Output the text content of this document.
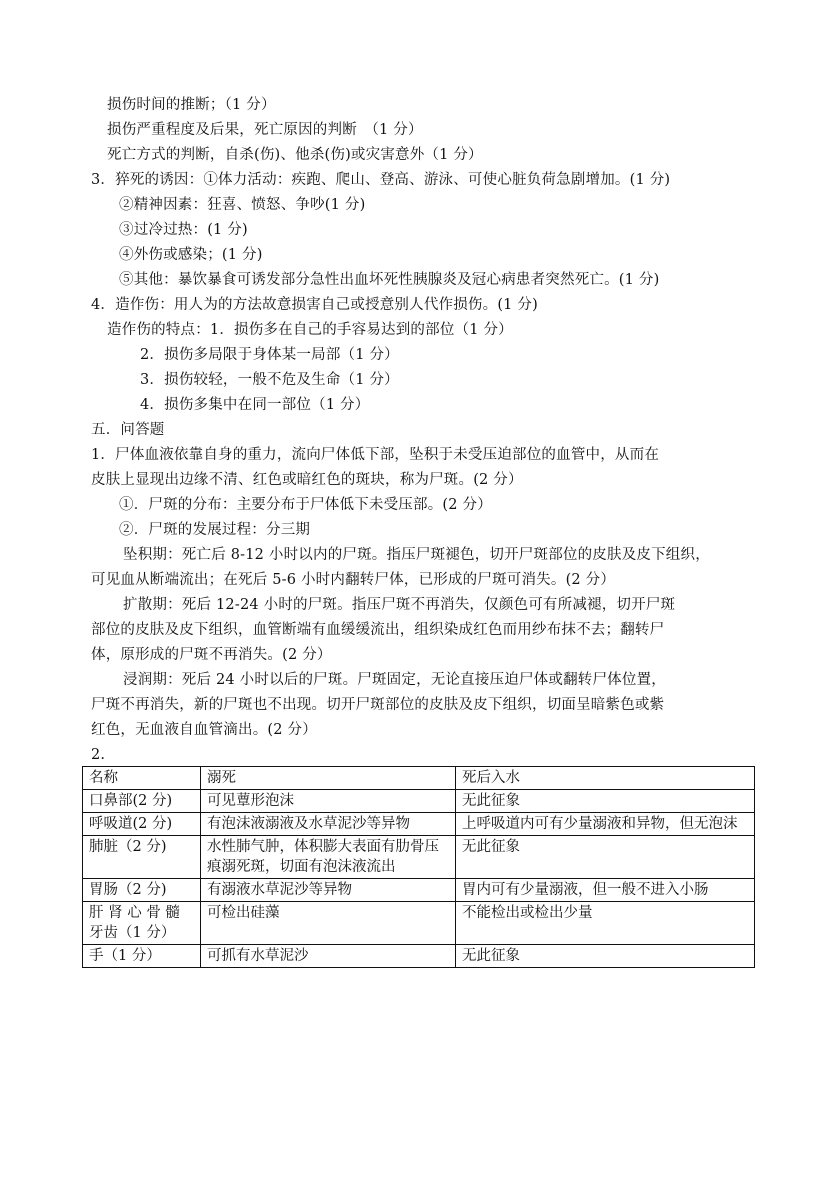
损伤时间的推断；（1 分）
损伤严重程度及后果，死亡原因的判断　（1 分）
死亡方式的判断，自杀(伤)、他杀(伤)或灾害意外（1 分）
3．猝死的诱因：①体力活动：疾跑、爬山、登高、游泳、可使心脏负荷急剧增加。(1 分)
②精神因素：狂喜、愤怒、争吵(1 分)
③过冷过热：(1 分)
④外伤或感染；(1 分)
⑤其他：暴饮暴食可诱发部分急性出血坏死性胰腺炎及冠心病患者突然死亡。(1 分)
4．造作伤：用人为的方法故意损害自己或授意别人代作损伤。(1 分)
造作伤的特点：1．损伤多在自己的手容易达到的部位（1 分）
2．损伤多局限于身体某一局部（1 分）
3．损伤较轻，一般不危及生命（1 分）
4．损伤多集中在同一部位（1 分）
五．问答题
1．尸体血液依靠自身的重力，流向尸体低下部，坠积于未受压迫部位的血管中，从而在
皮肤上显现出边缘不清、红色或暗红色的斑块，称为尸斑。(2 分）
①．尸斑的分布：主要分布于尸体低下未受压部。(2 分）
②．尸斑的发展过程：分三期
坠积期：死亡后 8-12 小时以内的尸斑。指压尸斑褪色，切开尸斑部位的皮肤及皮下组织，
可见血从断端流出；在死后 5-6 小时内翻转尸体，已形成的尸斑可消失。(2 分）
扩散期：死后 12-24 小时的尸斑。指压尸斑不再消失，仅颜色可有所减褪，切开尸斑
部位的皮肤及皮下组织，血管断端有血缓缓流出，组织染成红色而用纱布抹不去；翻转尸
体，原形成的尸斑不再消失。(2 分）
浸润期：死后 24 小时以后的尸斑。尸斑固定，无论直接压迫尸体或翻转尸体位置，
尸斑不再消失，新的尸斑也不出现。切开尸斑部位的皮肤及皮下组织，切面呈暗紫色或紫
红色，无血液自血管滴出。(2 分）
2.
名称	溺死	死后入水
口鼻部(2 分)	可见蕈形泡沫	无此征象
呼吸道(2 分)	有泡沫液溺液及水草泥沙等异物	上呼吸道内可有少量溺液和异物，但无泡沫
肺脏（2 分)	水性肺气肿，体积膨大表面有肋骨压痕溺死斑，切面有泡沫液流出	无此征象
胃肠（2 分)	有溺液水草泥沙等异物	胃内可有少量溺液，但一般不进入小肠
肝 肾 心 骨 髓牙齿（1 分）	可检出硅藻	不能检出或检出少量
手（1 分）	可抓有水草泥沙	无此征象
